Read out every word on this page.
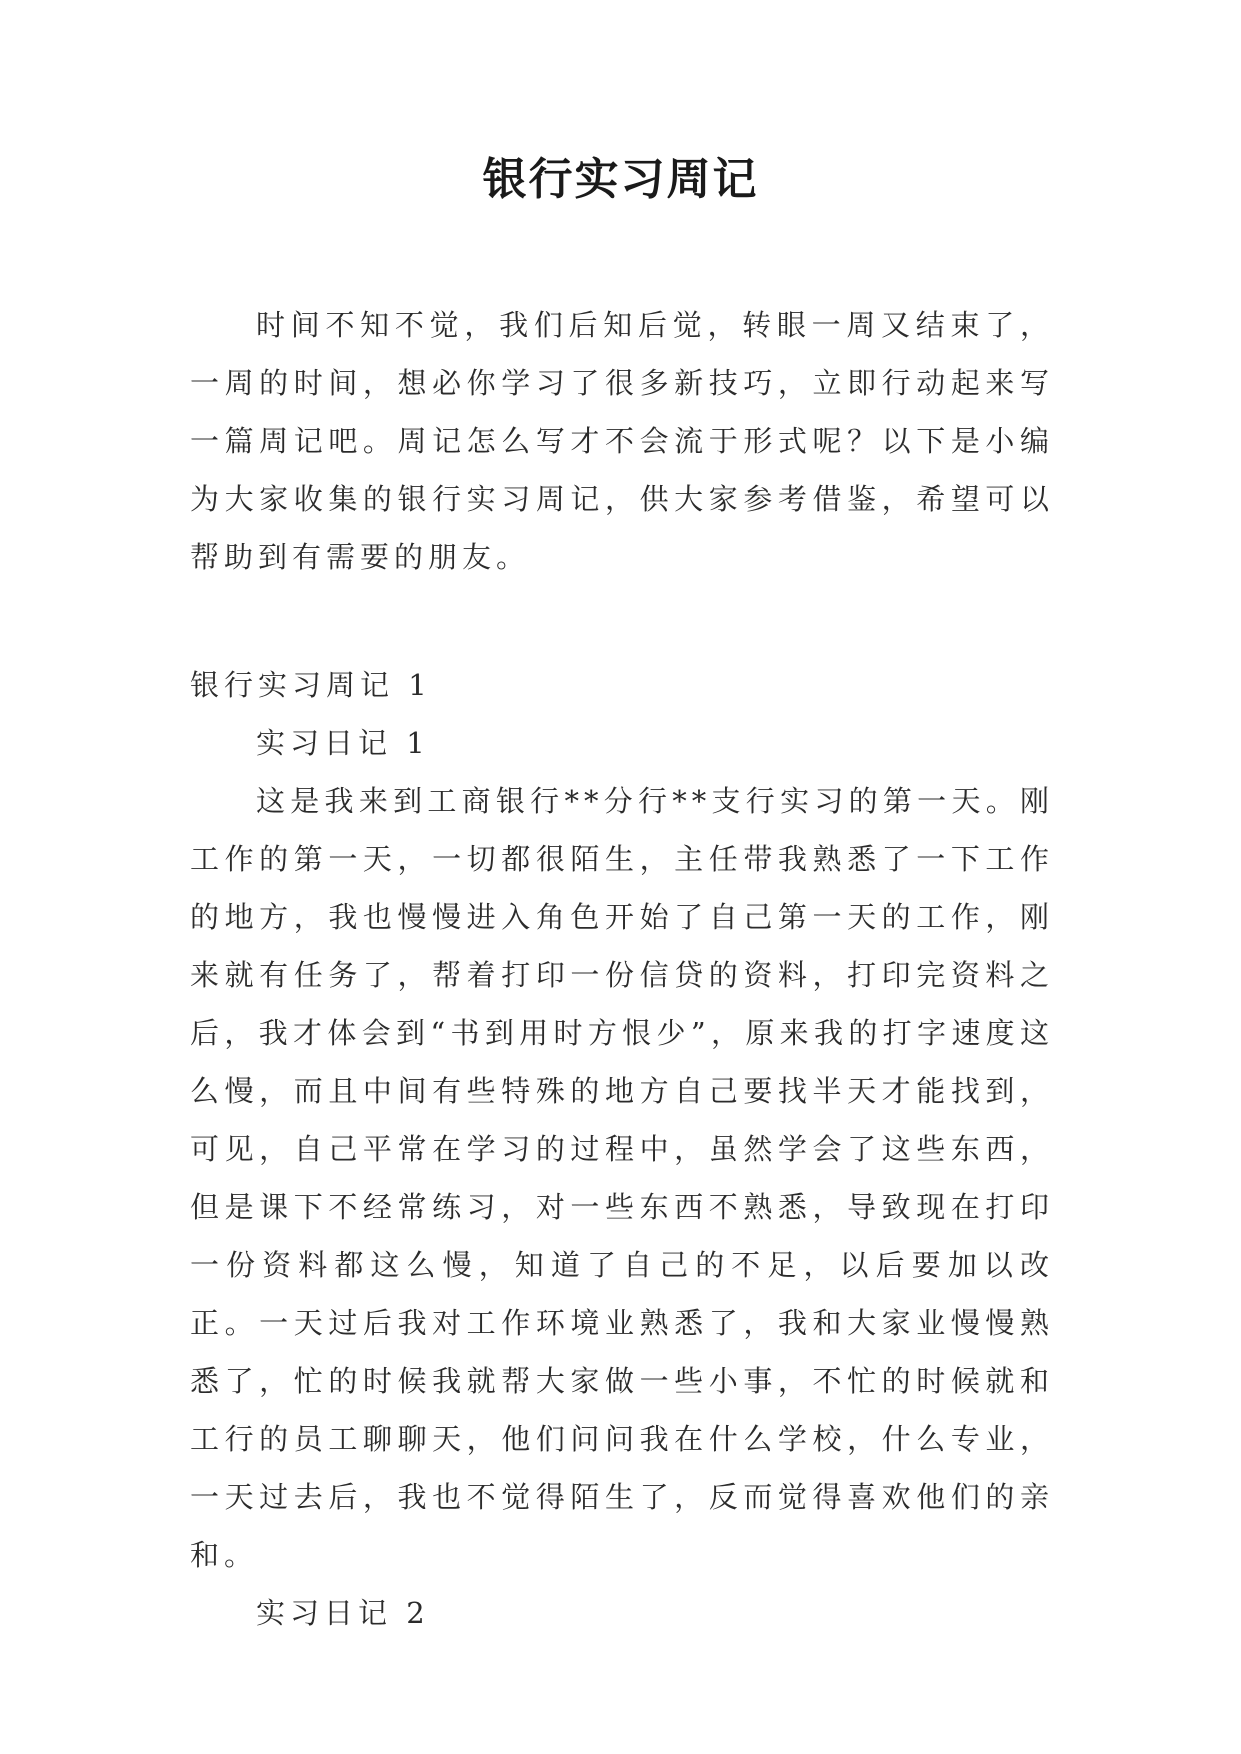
银行实习周记

时间不知不觉，我们后知后觉，转眼一周又结束了，一周的时间，想必你学习了很多新技巧，立即行动起来写一篇周记吧。周记怎么写才不会流于形式呢？以下是小编为大家收集的银行实习周记，供大家参考借鉴，希望可以帮助到有需要的朋友。

银行实习周记 1

实习日记 1

这是我来到工商银行**分行**支行实习的第一天。刚工作的第一天，一切都很陌生，主任带我熟悉了一下工作的地方，我也慢慢进入角色开始了自己第一天的工作，刚来就有任务了，帮着打印一份信贷的资料，打印完资料之后，我才体会到“书到用时方恨少”，原来我的打字速度这么慢，而且中间有些特殊的地方自己要找半天才能找到，可见，自己平常在学习的过程中，虽然学会了这些东西，但是课下不经常练习，对一些东西不熟悉，导致现在打印一份资料都这么慢，知道了自己的不足，以后要加以改正。一天过后我对工作环境业熟悉了，我和大家业慢慢熟悉了，忙的时候我就帮大家做一些小事，不忙的时候就和工行的员工聊聊天，他们问问我在什么学校，什么专业，一天过去后，我也不觉得陌生了，反而觉得喜欢他们的亲和。

实习日记 2
